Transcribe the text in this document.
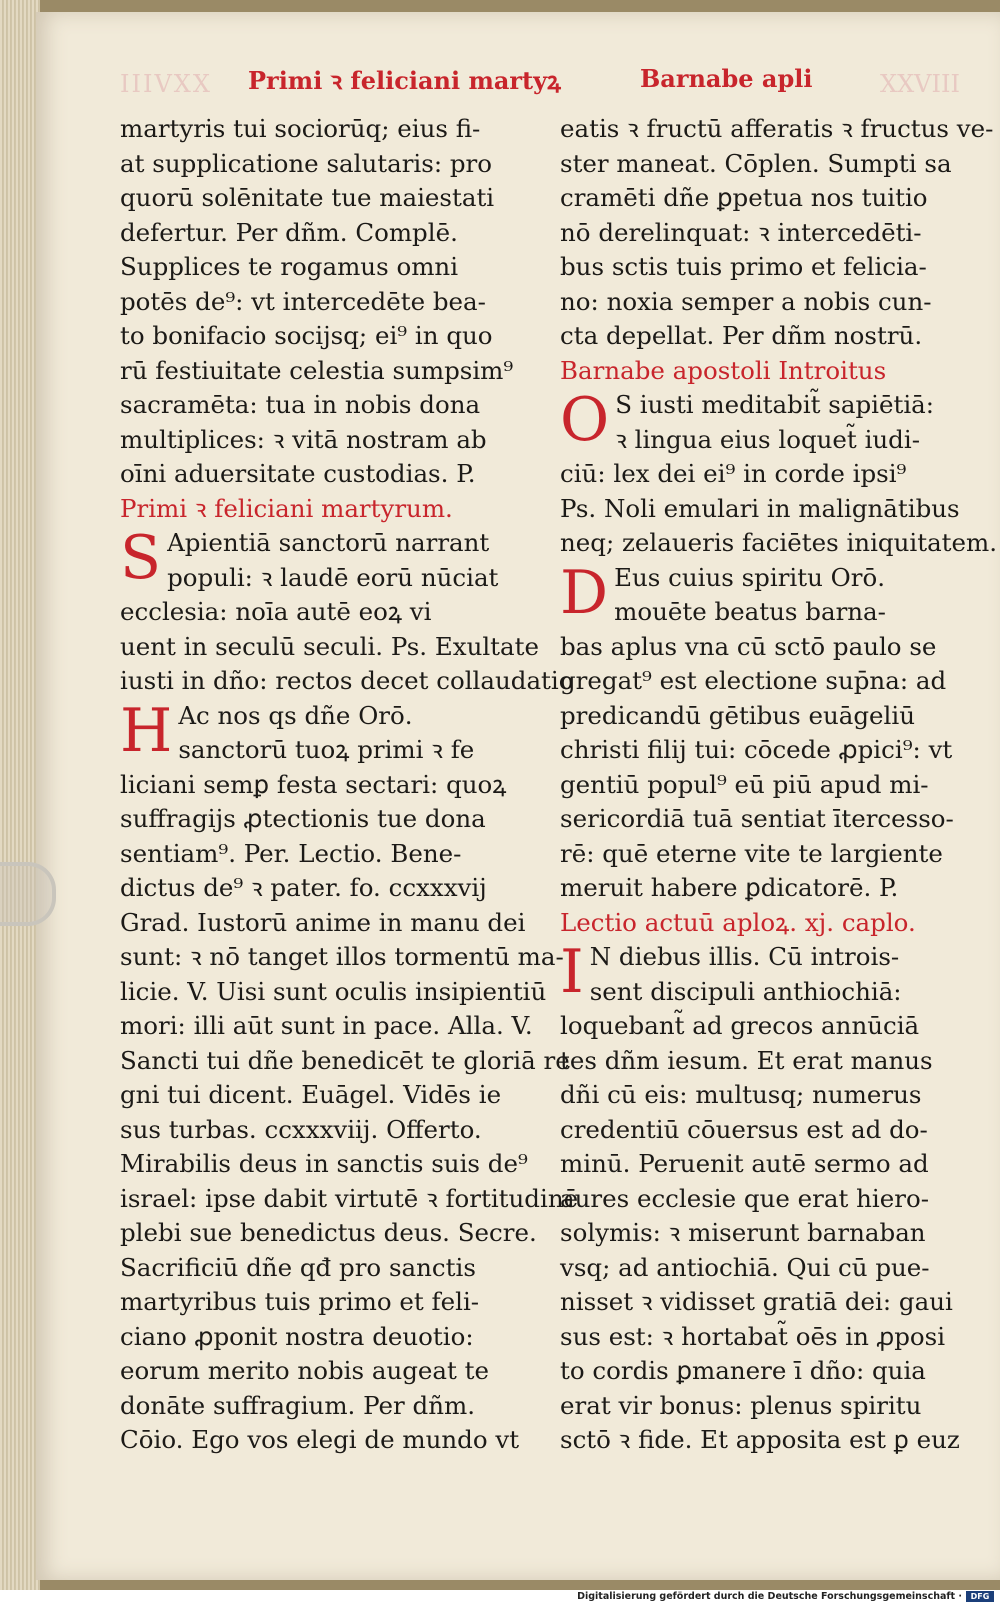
IIIVXX	XXVIII
Primi ꝛ feliciani martyꝝ	Barnabe apli
martyris tui sociorūq; eius fi-
at supplicatione salutaris: pro
quorū solēnitate tue maiestati
defertur. Per dñm. Complē.
Supplices te rogamus omni
potēs de⁹: vt intercedēte bea-
to bonifacio socijsq; ei⁹ in quo
rū festiuitate celestia sumpsim⁹
sacramēta: tua in nobis dona
multiplices: ꝛ vitā nostram ab
oīni aduersitate custodias. P.
Primi ꝛ feliciani martyrum.
S Apientiā sanctorū narrant
populi: ꝛ laudē eorū nūciat
ecclesia: noīa autē eoꝝ vi
uent in seculū seculi. Ps. Exultate
iusti in dño: rectos decet collaudatio
H Ac nos qs dñe Orō.
sanctorū tuoꝝ primi ꝛ fe
liciani semꝑ festa sectari: quoꝝ
suffragijs ꝓtectionis tue dona
sentiam⁹. Per. Lectio. Bene-
dictus de⁹ ꝛ pater. fo. ccxxxvij
Grad. Iustorū anime in manu dei
sunt: ꝛ nō tanget illos tormentū ma-
licie. V. Uisi sunt oculis insipientiū
mori: illi aūt sunt in pace. Alla. V.
Sancti tui dñe benedicēt te gloriā re
gni tui dicent. Euāgel. Vidēs ie
sus turbas. ccxxxviij. Offerto.
Mirabilis deus in sanctis suis de⁹
israel: ipse dabit virtutē ꝛ fortitudinē
plebi sue benedictus deus. Secre.
Sacrificiū dñe qđ pro sanctis
martyribus tuis primo et feli-
ciano ꝓponit nostra deuotio:
eorum merito nobis augeat te
donāte suffragium. Per dñm.
Cōio. Ego vos elegi de mundo vt
eatis ꝛ fructū afferatis ꝛ fructus ve-
ster maneat. Cōplen. Sumpti sa
cramēti dñe ꝑpetua nos tuitio
nō derelinquat: ꝛ intercedēti-
bus sctis tuis primo et felicia-
no: noxia semper a nobis cun-
cta depellat. Per dñm nostrū.
Barnabe apostoli Introitus
O S iusti meditabit̃ sapiētiā:
ꝛ lingua eius loquet̃ iudi-
ciū: lex dei ei⁹ in corde ipsi⁹
Ps. Noli emulari in malignātibus
neq; zelaueris faciētes iniquitatem.
D Eus cuius spiritu Orō.
mouēte beatus barna-
bas aplus vna cū sctō paulo se
gregat⁹ est electione sup̄na: ad
predicandū gētibus euāgeliū
christi filij tui: cōcede ꝓpici⁹: vt
gentiū popul⁹ eū piū apud mi-
sericordiā tuā sentiat ītercesso-
rē: quē eterne vite te largiente
meruit habere ꝑdicatorē. P.
Lectio actuū aploꝝ. xj. caplo.
I N diebus illis. Cū introis-
sent discipuli anthiochiā:
loquebant̃ ad grecos annūciā
tes dñm iesum. Et erat manus
dñi cū eis: multusq; numerus
credentiū cōuersus est ad do-
minū. Peruenit autē sermo ad
aures ecclesie que erat hiero-
solymis: ꝛ miserunt barnaban
vsq; ad antiochiā. Qui cū pue-
nisset ꝛ vidisset gratiā dei: gaui
sus est: ꝛ hortabat̃ oēs in ꝓposi
to cordis ꝑmanere ī dño: quia
erat vir bonus: plenus spiritu
sctō ꝛ fide. Et apposita est ꝑ euz
Digitalisierung gefördert durch die Deutsche Forschungsgemeinschaft ·	DFG
